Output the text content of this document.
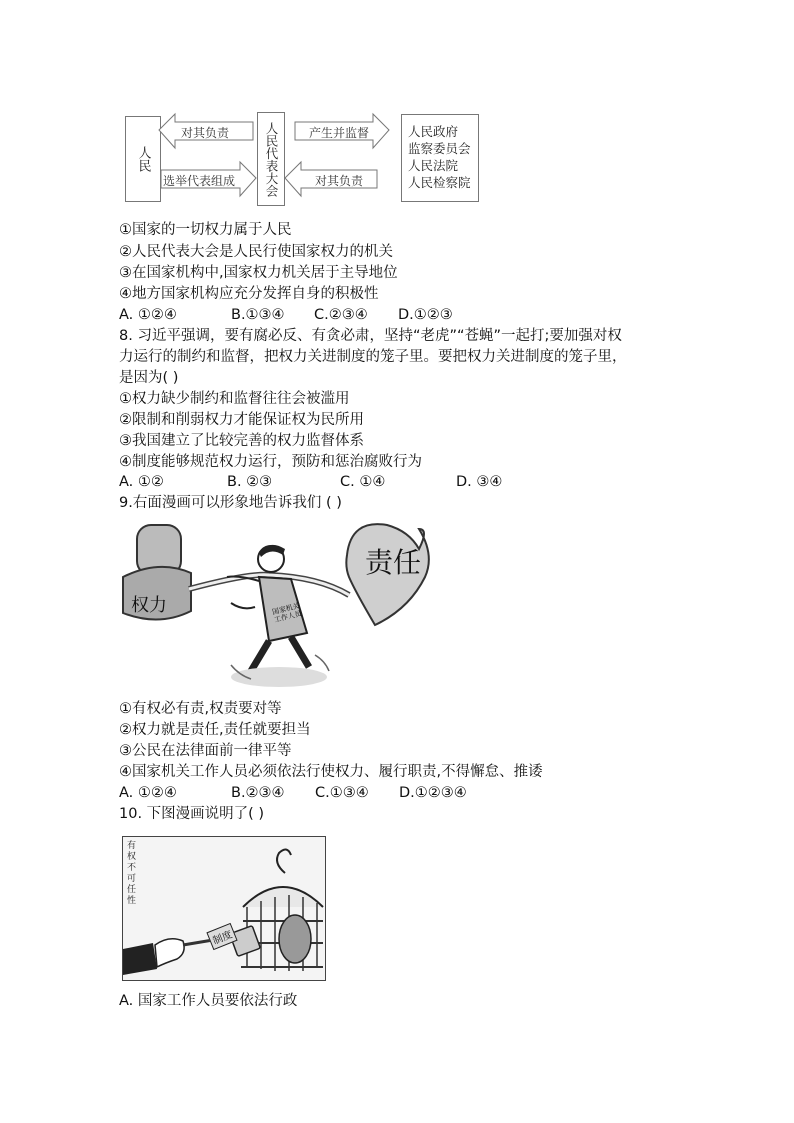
人民
对其负责
选举代表组成
产生并监督
对其负责
人民代表大会	人民政府
监察委员会
人民法院
人民检察院
①国家的一切权力属于人民
②人民代表大会是人民行使国家权力的机关
③在国家机构中,国家权力机关居于主导地位
④地方国家机构应充分发挥自身的积极性
A. ①②④	B.①③④ C.②③④ D.①②③
8. 习近平强调，要有腐必反、有贪必肃，坚持“老虎”“苍蝇”一起打;要加强对权
力运行的制约和监督，把权力关进制度的笼子里。要把权力关进制度的笼子里，
是因为( )
①权力缺少制约和监督往往会被滥用
②限制和削弱权力才能保证权为民所用
③我国建立了比较完善的权力监督体系
④制度能够规范权力运行，预防和惩治腐败行为
A. ①②	B. ②③	C. ①④	D. ③④
9.右面漫画可以形象地告诉我们 ( )
权力
责任
国家机关工作人员
①有权必有责,权责要对等
②权力就是责任,责任就要担当
③公民在法律面前一律平等
④国家机关工作人员必须依法行使权力、履行职责,不得懈怠、推诿
A. ①②④	B.②③④ C.①③④ D.①②③④
10. 下图漫画说明了( )
有权不可任性
制度
A. 国家工作人员要依法行政
